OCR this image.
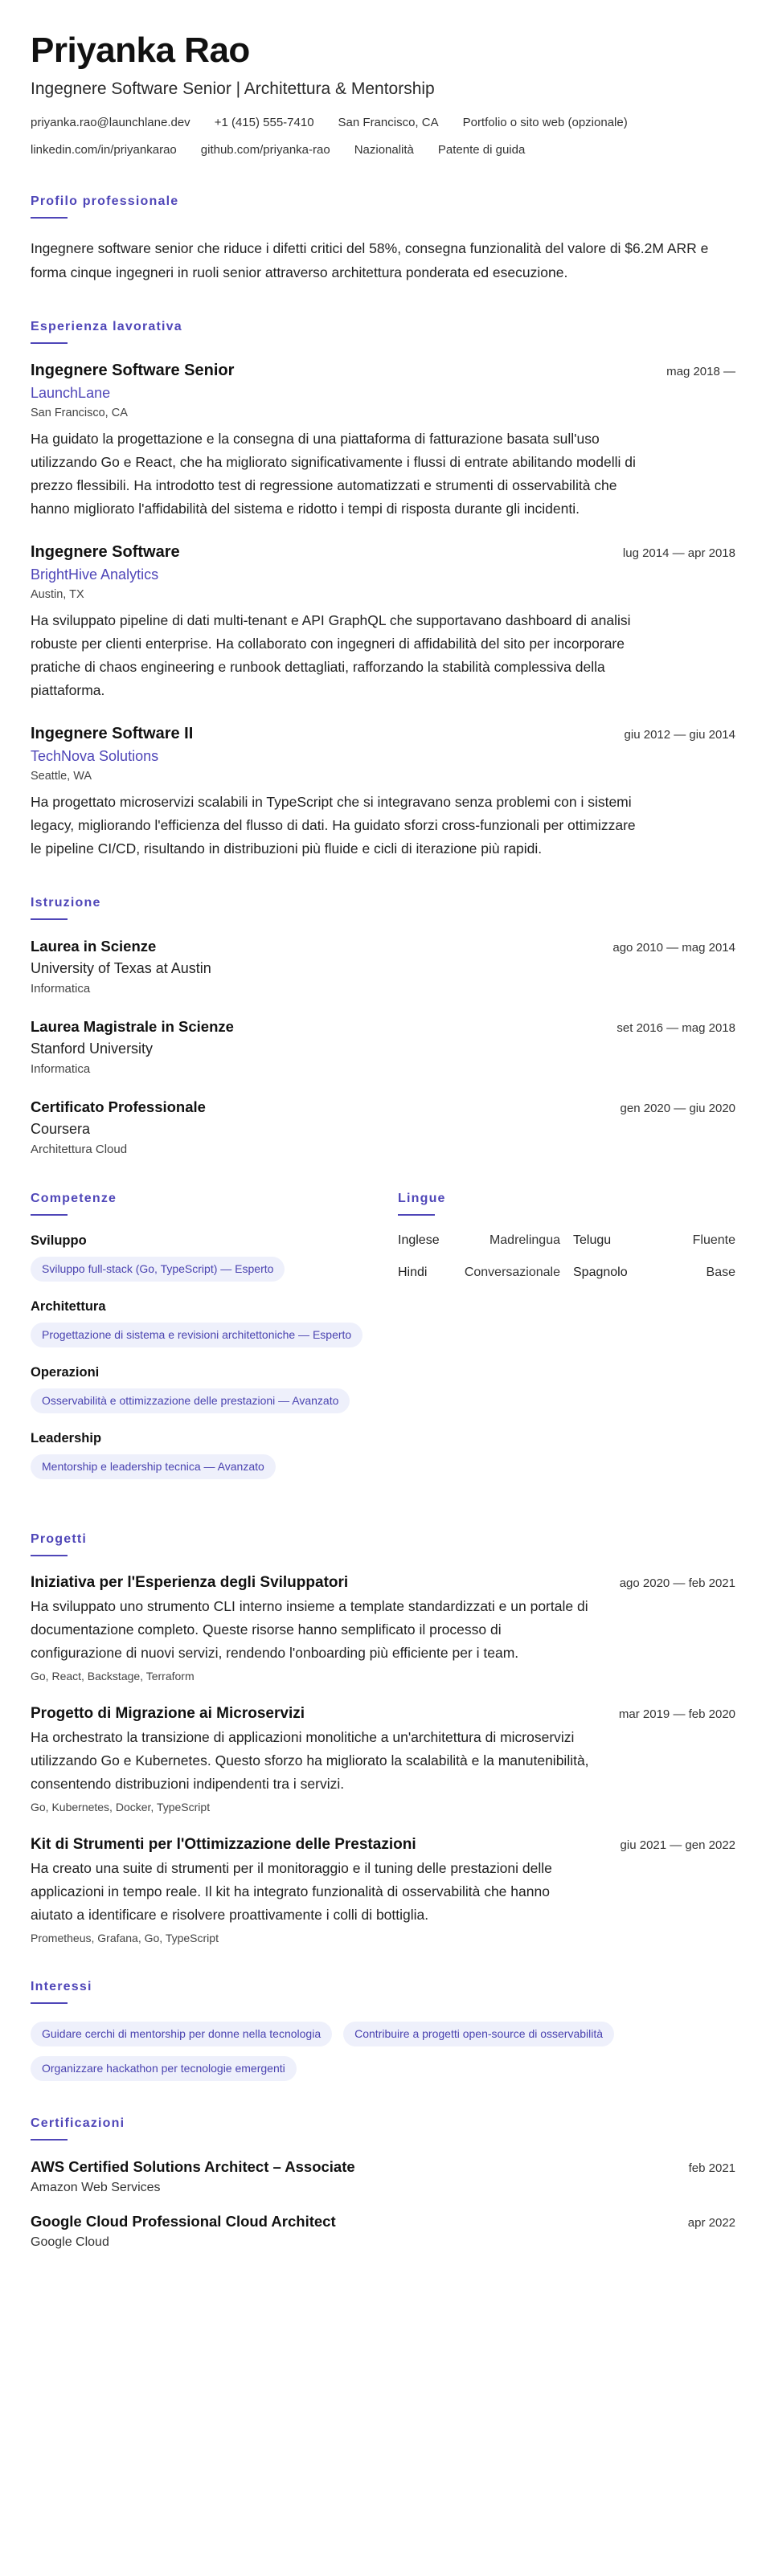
Priyanka Rao
Ingegnere Software Senior | Architettura & Mentorship
priyanka.rao@launchlane.dev +1 (415) 555-7410 San Francisco, CA Portfolio o sito web (opzionale)
linkedin.com/in/priyankarao github.com/priyanka-rao Nazionalità Patente di guida
Profilo professionale

Ingegnere software senior che riduce i difetti critici del 58%, consegna funzionalità del valore di $6.2M ARR e forma cinque ingegneri in ruoli senior attraverso architettura ponderata ed esecuzione.

Esperienza lavorativa
Ingegnere Software Senior	mag 2018 —
LaunchLane
San Francisco, CA

Ha guidato la progettazione e la consegna di una piattaforma di fatturazione basata sull'uso utilizzando Go e React, che ha migliorato significativamente i flussi di entrate abilitando modelli di prezzo flessibili. Ha introdotto test di regressione automatizzati e strumenti di osservabilità che hanno migliorato l'affidabilità del sistema e ridotto i tempi di risposta durante gli incidenti.

Ingegnere Software	lug 2014 — apr 2018
BrightHive Analytics
Austin, TX

Ha sviluppato pipeline di dati multi-tenant e API GraphQL che supportavano dashboard di analisi robuste per clienti enterprise. Ha collaborato con ingegneri di affidabilità del sito per incorporare pratiche di chaos engineering e runbook dettagliati, rafforzando la stabilità complessiva della piattaforma.

Ingegnere Software II	giu 2012 — giu 2014
TechNova Solutions
Seattle, WA

Ha progettato microservizi scalabili in TypeScript che si integravano senza problemi con i sistemi legacy, migliorando l'efficienza del flusso di dati. Ha guidato sforzi cross-funzionali per ottimizzare le pipeline CI/CD, risultando in distribuzioni più fluide e cicli di iterazione più rapidi.

Istruzione
Laurea in Scienze	ago 2010 — mag 2014
University of Texas at Austin
Informatica
Laurea Magistrale in Scienze	set 2016 — mag 2018
Stanford University
Informatica
Certificato Professionale	gen 2020 — giu 2020
Coursera
Architettura Cloud
Competenze
Sviluppo
Sviluppo full-stack (Go, TypeScript) — Esperto
Architettura
Progettazione di sistema e revisioni architettoniche — Esperto
Operazioni
Osservabilità e ottimizzazione delle prestazioni — Avanzato
Leadership
Mentorship e leadership tecnica — Avanzato
Lingue
Inglese	Madrelingua Telugu	Fluente
Hindi	Conversazionale Spagnolo	Base
Progetti
Iniziativa per l'Esperienza degli Sviluppatori	ago 2020 — feb 2021

Ha sviluppato uno strumento CLI interno insieme a template standardizzati e un portale di documentazione completo. Queste risorse hanno semplificato il processo di configurazione di nuovi servizi, rendendo l'onboarding più efficiente per i team.

Go, React, Backstage, Terraform
Progetto di Migrazione ai Microservizi	mar 2019 — feb 2020

Ha orchestrato la transizione di applicazioni monolitiche a un'architettura di microservizi utilizzando Go e Kubernetes. Questo sforzo ha migliorato la scalabilità e la manutenibilità, consentendo distribuzioni indipendenti tra i servizi.

Go, Kubernetes, Docker, TypeScript
Kit di Strumenti per l'Ottimizzazione delle Prestazioni	giu 2021 — gen 2022

Ha creato una suite di strumenti per il monitoraggio e il tuning delle prestazioni delle applicazioni in tempo reale. Il kit ha integrato funzionalità di osservabilità che hanno aiutato a identificare e risolvere proattivamente i colli di bottiglia.

Prometheus, Grafana, Go, TypeScript
Interessi
Guidare cerchi di mentorship per donne nella tecnologia	Contribuire a progetti open-source di osservabilità
Organizzare hackathon per tecnologie emergenti
Certificazioni
AWS Certified Solutions Architect – Associate	feb 2021
Amazon Web Services
Google Cloud Professional Cloud Architect	apr 2022
Google Cloud
